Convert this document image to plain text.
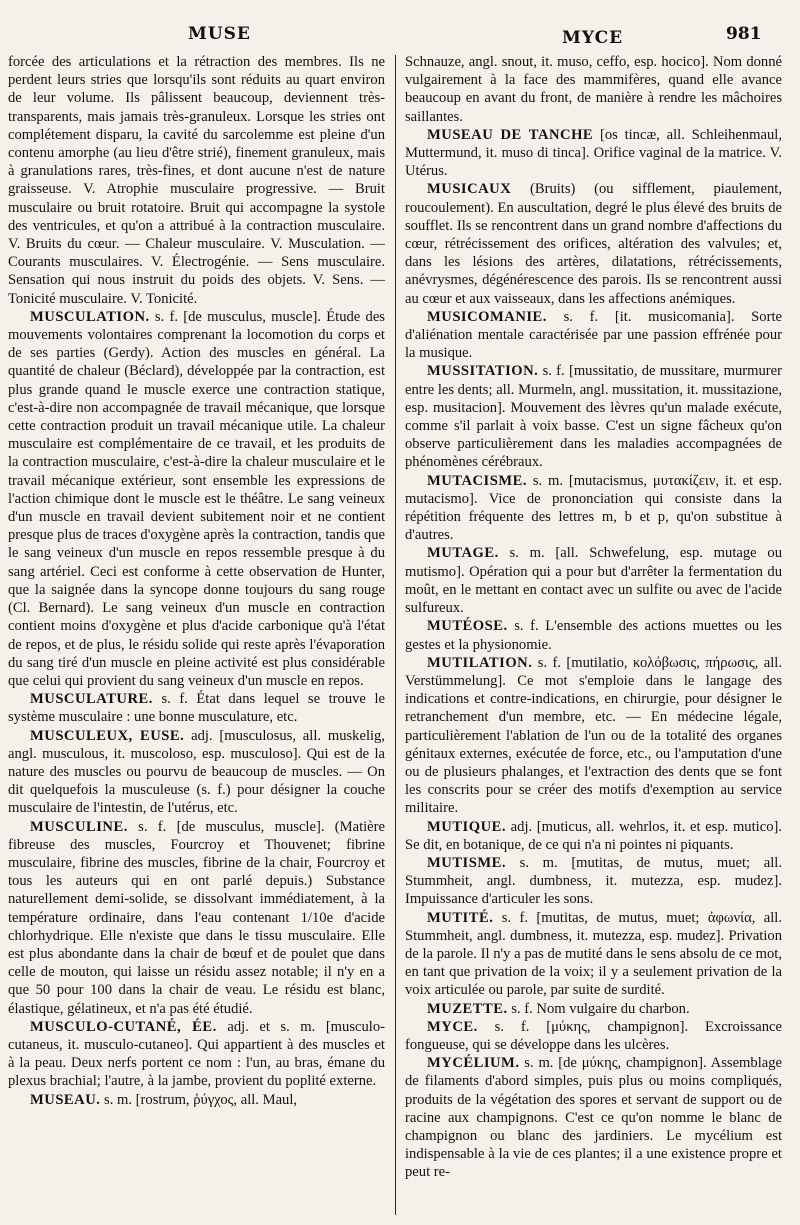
MUSE	MYCE	981

forcée des articulations et la rétraction des membres. Ils ne perdent leurs stries que lorsqu'ils sont réduits au quart environ de leur volume. Ils pâlissent beaucoup, deviennent très-transparents, mais jamais très-granuleux. Lorsque les stries ont complétement disparu, la cavité du sarcolemme est pleine d'un contenu amorphe (au lieu d'être strié), finement granuleux, mais à granulations rares, très-fines, et dont aucune n'est de nature graisseuse. V. Atrophie musculaire progressive. — Bruit musculaire ou bruit rotatoire. Bruit qui accompagne la systole des ventricules, et qu'on a attribué à la contraction musculaire. V. Bruits du cœur. — Chaleur musculaire. V. Musculation. — Courants musculaires. V. Électrogénie. — Sens musculaire. Sensation qui nous instruit du poids des objets. V. Sens. — Tonicité musculaire. V. Tonicité.

MUSCULATION. s. f. [de musculus, muscle]. Étude des mouvements volontaires comprenant la locomotion du corps et de ses parties (Gerdy). Action des muscles en général. La quantité de chaleur (Béclard), développée par la contraction, est plus grande quand le muscle exerce une contraction statique, c'est-à-dire non accompagnée de travail mécanique, que lorsque cette contraction produit un travail mécanique utile. La chaleur musculaire est complémentaire de ce travail, et les produits de la contraction musculaire, c'est-à-dire la chaleur musculaire et le travail mécanique extérieur, sont ensemble les expressions de l'action chimique dont le muscle est le théâtre. Le sang veineux d'un muscle en travail devient subitement noir et ne contient presque plus de traces d'oxygène après la contraction, tandis que le sang veineux d'un muscle en repos ressemble presque à du sang artériel. Ceci est conforme à cette observation de Hunter, que la saignée dans la syncope donne toujours du sang rouge (Cl. Bernard). Le sang veineux d'un muscle en contraction contient moins d'oxygène et plus d'acide carbonique qu'à l'état de repos, et de plus, le résidu solide qui reste après l'évaporation du sang tiré d'un muscle en pleine activité est plus considérable que celui qui provient du sang veineux d'un muscle en repos.

MUSCULATURE. s. f. État dans lequel se trouve le système musculaire : une bonne musculature, etc.

MUSCULEUX, EUSE. adj. [musculosus, all. muskelig, angl. musculous, it. muscoloso, esp. musculoso]. Qui est de la nature des muscles ou pourvu de beaucoup de muscles. — On dit quelquefois la musculeuse (s. f.) pour désigner la couche musculaire de l'intestin, de l'utérus, etc.

MUSCULINE. s. f. [de musculus, muscle]. (Matière fibreuse des muscles, Fourcroy et Thouvenet; fibrine musculaire, fibrine des muscles, fibrine de la chair, Fourcroy et tous les auteurs qui en ont parlé depuis.) Substance naturellement demi-solide, se dissolvant immédiatement, à la température ordinaire, dans l'eau contenant 1/10e d'acide chlorhydrique. Elle n'existe que dans le tissu musculaire. Elle est plus abondante dans la chair de bœuf et de poulet que dans celle de mouton, qui laisse un résidu assez notable; il n'y en a que 50 pour 100 dans la chair de veau. Le résidu est blanc, élastique, gélatineux, et n'a pas été étudié.

MUSCULO-CUTANÉ, ÉE. adj. et s. m. [musculo-cutaneus, it. musculo-cutaneo]. Qui appartient à des muscles et à la peau. Deux nerfs portent ce nom : l'un, au bras, émane du plexus brachial; l'autre, à la jambe, provient du poplité externe.

MUSEAU. s. m. [rostrum, ῥύγχος, all. Maul,

Schnauze, angl. snout, it. muso, ceffo, esp. hocico]. Nom donné vulgairement à la face des mammifères, quand elle avance beaucoup en avant du front, de manière à rendre les mâchoires saillantes.

MUSEAU DE TANCHE [os tincæ, all. Schleihenmaul, Muttermund, it. muso di tinca]. Orifice vaginal de la matrice. V. Utérus.

MUSICAUX (Bruits) (ou sifflement, piaulement, roucoulement). En auscultation, degré le plus élevé des bruits de soufflet. Ils se rencontrent dans un grand nombre d'affections du cœur, rétrécissement des orifices, altération des valvules; et, dans les lésions des artères, dilatations, rétrécissements, anévrysmes, dégénérescence des parois. Ils se rencontrent aussi au cœur et aux vaisseaux, dans les affections anémiques.

MUSICOMANIE. s. f. [it. musicomania]. Sorte d'aliénation mentale caractérisée par une passion effrénée pour la musique.

MUSSITATION. s. f. [mussitatio, de mussitare, murmurer entre les dents; all. Murmeln, angl. mussitation, it. mussitazione, esp. musitacion]. Mouvement des lèvres qu'un malade exécute, comme s'il parlait à voix basse. C'est un signe fâcheux qu'on observe particulièrement dans les maladies accompagnées de phénomènes cérébraux.

MUTACISME. s. m. [mutacismus, μυτακίζειν, it. et esp. mutacismo]. Vice de prononciation qui consiste dans la répétition fréquente des lettres m, b et p, qu'on substitue à d'autres.

MUTAGE. s. m. [all. Schwefelung, esp. mutage ou mutismo]. Opération qui a pour but d'arrêter la fermentation du moût, en le mettant en contact avec un sulfite ou avec de l'acide sulfureux.

MUTÉOSE. s. f. L'ensemble des actions muettes ou les gestes et la physionomie.

MUTILATION. s. f. [mutilatio, κολόβωσις, πήρωσις, all. Verstümmelung]. Ce mot s'emploie dans le langage des indications et contre-indications, en chirurgie, pour désigner le retranchement d'un membre, etc. — En médecine légale, particulièrement l'ablation de l'un ou de la totalité des organes génitaux externes, exécutée de force, etc., ou l'amputation d'une ou de plusieurs phalanges, et l'extraction des dents que se font les conscrits pour se créer des motifs d'exemption au service militaire.

MUTIQUE. adj. [muticus, all. wehrlos, it. et esp. mutico]. Se dit, en botanique, de ce qui n'a ni pointes ni piquants.

MUTISME. s. m. [mutitas, de mutus, muet; all. Stummheit, angl. dumbness, it. mutezza, esp. mudez]. Impuissance d'articuler les sons.

MUTITÉ. s. f. [mutitas, de mutus, muet; ἀφωνία, all. Stummheit, angl. dumbness, it. mutezza, esp. mudez]. Privation de la parole. Il n'y a pas de mutité dans le sens absolu de ce mot, en tant que privation de la voix; il y a seulement privation de la voix articulée ou parole, par suite de surdité.

MUZETTE. s. f. Nom vulgaire du charbon.

MYCE. s. f. [μύκης, champignon]. Excroissance fongueuse, qui se développe dans les ulcères.

MYCÉLIUM. s. m. [de μύκης, champignon]. Assemblage de filaments d'abord simples, puis plus ou moins compliqués, produits de la végétation des spores et servant de support ou de racine aux champignons. C'est ce qu'on nomme le blanc de champignon ou blanc des jardiniers. Le mycélium est indispensable à la vie de ces plantes; il a une existence propre et peut re-
